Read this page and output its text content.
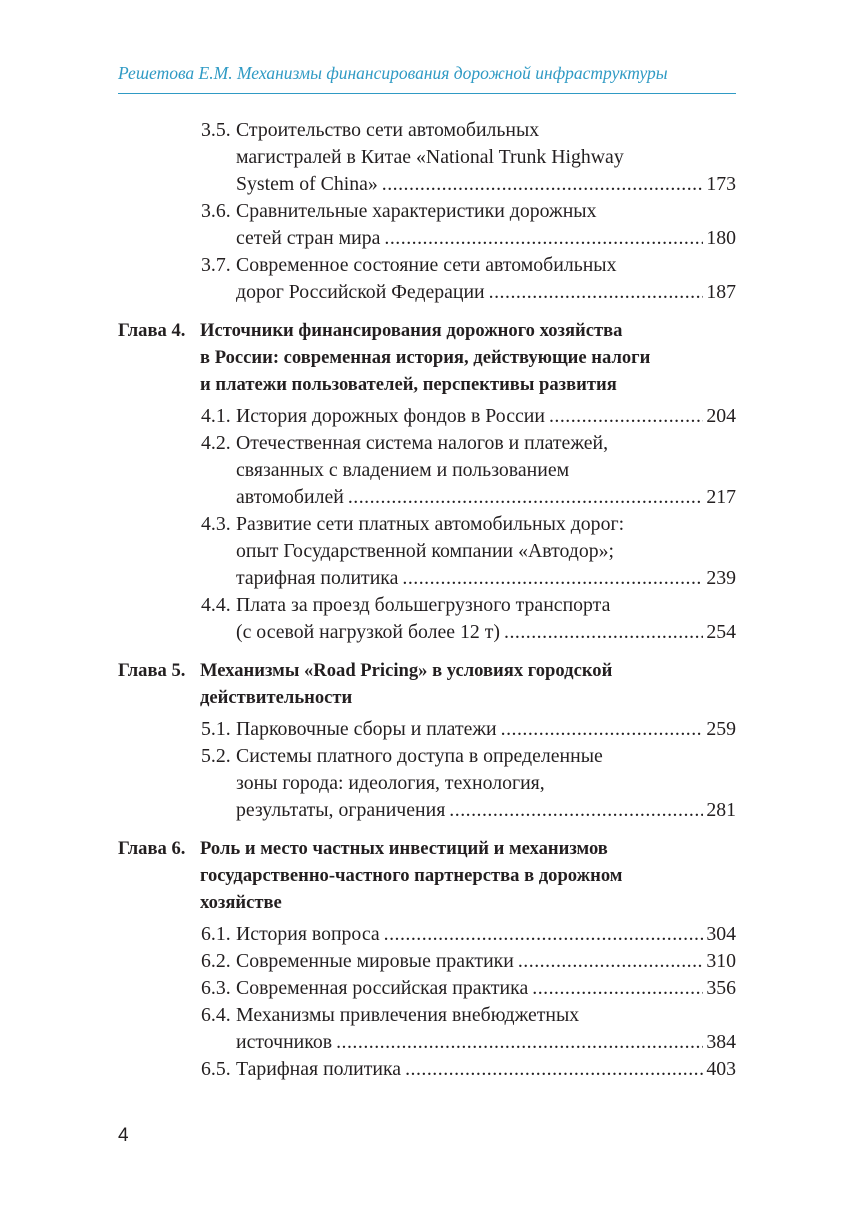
Решетова Е.М. Механизмы финансирования дорожной инфраструктуры
3.5. Строительство сети автомобильных
магистралей в Китае «National Trunk Highway
System of China» .....	173
3.6. Сравнительные характеристики дорожных
сетей стран мира .....	180
3.7. Современное состояние сети автомобильных
дорог Российской Федерации .....	187
Глава 4. Источники финансирования дорожного хозяйства
в России: современная история, действующие налоги
и платежи пользователей, перспективы развития
4.1. История дорожных фондов в России .....	204
4.2. Отечественная система налогов и платежей,
связанных с владением и пользованием
автомобилей .....	217
4.3. Развитие сети платных автомобильных дорог:
опыт Государственной компании «Автодор»;
тарифная политика .....	239
4.4. Плата за проезд большегрузного транспорта
(с осевой нагрузкой более 12 т) .....	254
Глава 5. Механизмы «Road Pricing» в условиях городской
действительности
5.1. Парковочные сборы и платежи .....	259
5.2. Системы платного доступа в определенные
зоны города: идеология, технология,
результаты, ограничения .....	281
Глава 6. Роль и место частных инвестиций и механизмов
государственно-частного партнерства в дорожном
хозяйстве
6.1. История вопроса .....	304
6.2. Современные мировые практики .....	310
6.3. Современная российская практика .....	356
6.4. Механизмы привлечения внебюджетных
источников .....	384
6.5. Тарифная политика .....	403
4
